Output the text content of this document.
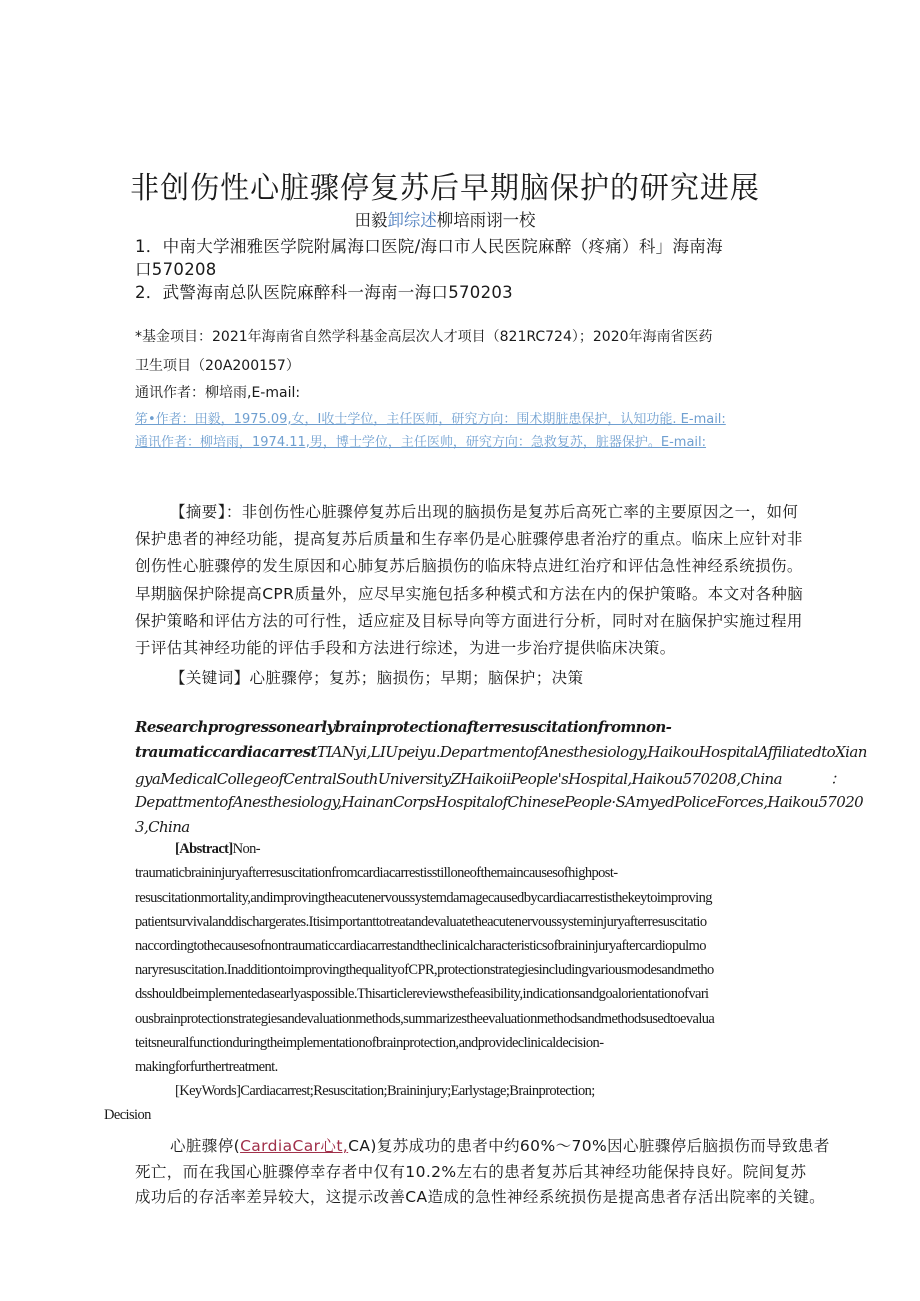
非创伤性心脏骤停复苏后早期脑保护的研究进展
田毅卸综述柳培雨诩一校
1．中南大学湘雅医学院附属海口医院/海口市人民医院麻醉（疼痛）科」海南海
口570208
2．武警海南总队医院麻醉科一海南一海口570203
*基金项目：2021年海南省自然学科基金高层次人才项目（821RC724）；2020年海南省医药
卫生项目（20A200157）
通讯作者：柳培雨,E-mail:
笫•作者：田毅，1975.09,女，I收士学位，主任医师，研究方向：围术期脏患保护，认知功能. E-mail:
通讯作者：柳培雨，1974.11,男，博士学位，主任医帅，研究方向：急救复苏，脏器保护。E-mail:
【摘要】：非创伤性心脏骤停复苏后出现的脑损伤是复苏后高死亡率的主要原因之一，如何
保护患者的神经功能，提高复苏后质量和生存率仍是心脏骤停患者治疗的重点。临床上应针对非
创伤性心脏骤停的发生原因和心肺复苏后脑损伤的临床特点进红治疗和评估急性神经系统损伤。
早期脑保护除提高CPR质量外，应尽早实施包括多种模式和方法在内的保护策略。本文对各种脑
保护策略和评估方法的可行性，适应症及目标导向等方面进行分析，同时对在脑保护实施过程用
于评估其神经功能的评估手段和方法进行综述，为进一步治疗提供临床决策。
【关键词】心脏骤停；复苏；脑损伤；早期；脑保护；决策
Researchprogressonearlybrainprotectionafterresuscitationfromnon-
traumaticcardiacarrestTIANyi,LIUpeiyu.DepartmentofAnesthesiology,HaikouHospitalAffiliatedtoXian
gyaMedicalCollegeofCentralSouthUniversityZHaikoiiPeople'sHospital,Haikou570208,China	：
DepattmentofAnesthesiology,HainanCorpsHospitalofChinesePeople·SAmyedPoliceForces,Haikou57020
3,China
[Abstract]Non-
traumaticbraininjuryafterresuscitationfromcardiacarrestisstilloneofthemaincausesofhighpost-
resuscitationmortality,andimprovingtheacutenervoussystemdamagecausedbycardiacarrestisthekeytoimproving
patientsurvivalanddischargerates.Itisimportanttotreatandevaluatetheacutenervoussysteminjuryafterresuscitatio
naccordingtothecausesofnontraumaticcardiacarrestandtheclinicalcharacteristicsofbraininjuryaftercardiopulmo
naryresuscitation.InadditiontoimprovingthequalityofCPR,protectionstrategiesincludingvariousmodesandmetho
dsshouldbeimplementedasearlyaspossible.Thisarticlereviewsthefeasibility,indicationsandgoalorientationofvari
ousbrainprotectionstrategiesandevaluationmethods,summarizestheevaluationmethodsandmethodsusedtoevalua
teitsneuralfunctionduringtheimplementationofbrainprotection,andprovideclinicaldecision-
makingforfurthertreatment.
[KeyWords]Cardiacarrest;Resuscitation;Braininjury;Earlystage;Brainprotection;
Decision
心脏骤停(CardiaCar心t,CA)复苏成功的患者中约60%～70%因心脏骤停后脑损伤而导致患者
死亡，而在我国心脏骤停幸存者中仅有10.2%左右的患者复苏后其神经功能保持良好。院间复苏
成功后的存活率差异较大，这提示改善CA造成的急性神经系统损伤是提高患者存活出院率的关键。
